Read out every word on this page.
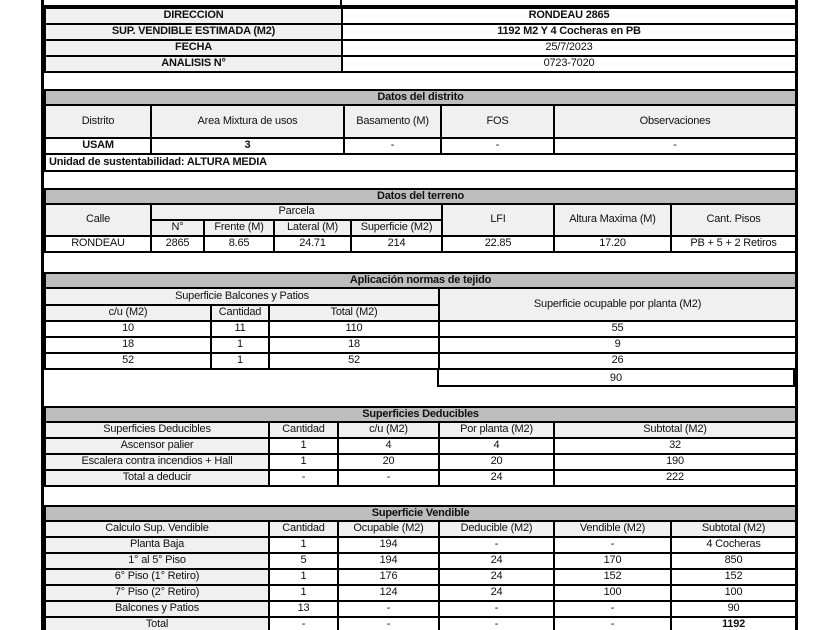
DIRECCION	RONDEAU 2865
SUP. VENDIBLE ESTIMADA (M2)	1192 M2 Y 4 Cocheras en PB
FECHA	25/7/2023
ANALISIS N°	0723-7020
Datos del distrito				
Distrito	Area Mixtura de usos	Basamento (M)	FOS	Observaciones
USAM	3	-	-	-
Unidad de sustentabilidad: ALTURA MEDIA				
Datos del terreno							
Calle	Parcela				LFI	Altura Maxima (M)	Cant. Pisos
	N°	Frente (M)	Lateral (M)	Superficie (M2)			
RONDEAU	2865	8.65	24.71	214	22.85	17.20	PB + 5 + 2 Retiros
Aplicación normas de tejido			
Superficie Balcones y Patios			Superficie ocupable por planta (M2)
c/u (M2)	Cantidad	Total (M2)	
10	11	110	55
18	1	18	9
52	1	52	26
90
Superficies Deducibles				
Superficies Deducibles	Cantidad	c/u (M2)	Por planta (M2)	Subtotal (M2)
Ascensor palier	1	4	4	32
Escalera contra incendios + Hall	1	20	20	190
Total a deducir	-	-	24	222
Superficie Vendible					
Calculo Sup. Vendible	Cantidad	Ocupable (M2)	Deducible (M2)	Vendible (M2)	Subtotal (M2)
Planta Baja	1	194	-	-	4 Cocheras
1° al 5° Piso	5	194	24	170	850
6° Piso (1° Retiro)	1	176	24	152	152
7° Piso (2° Retiro)	1	124	24	100	100
Balcones y Patios	13	-	-	-	90
Total	-	-	-	-	1192
